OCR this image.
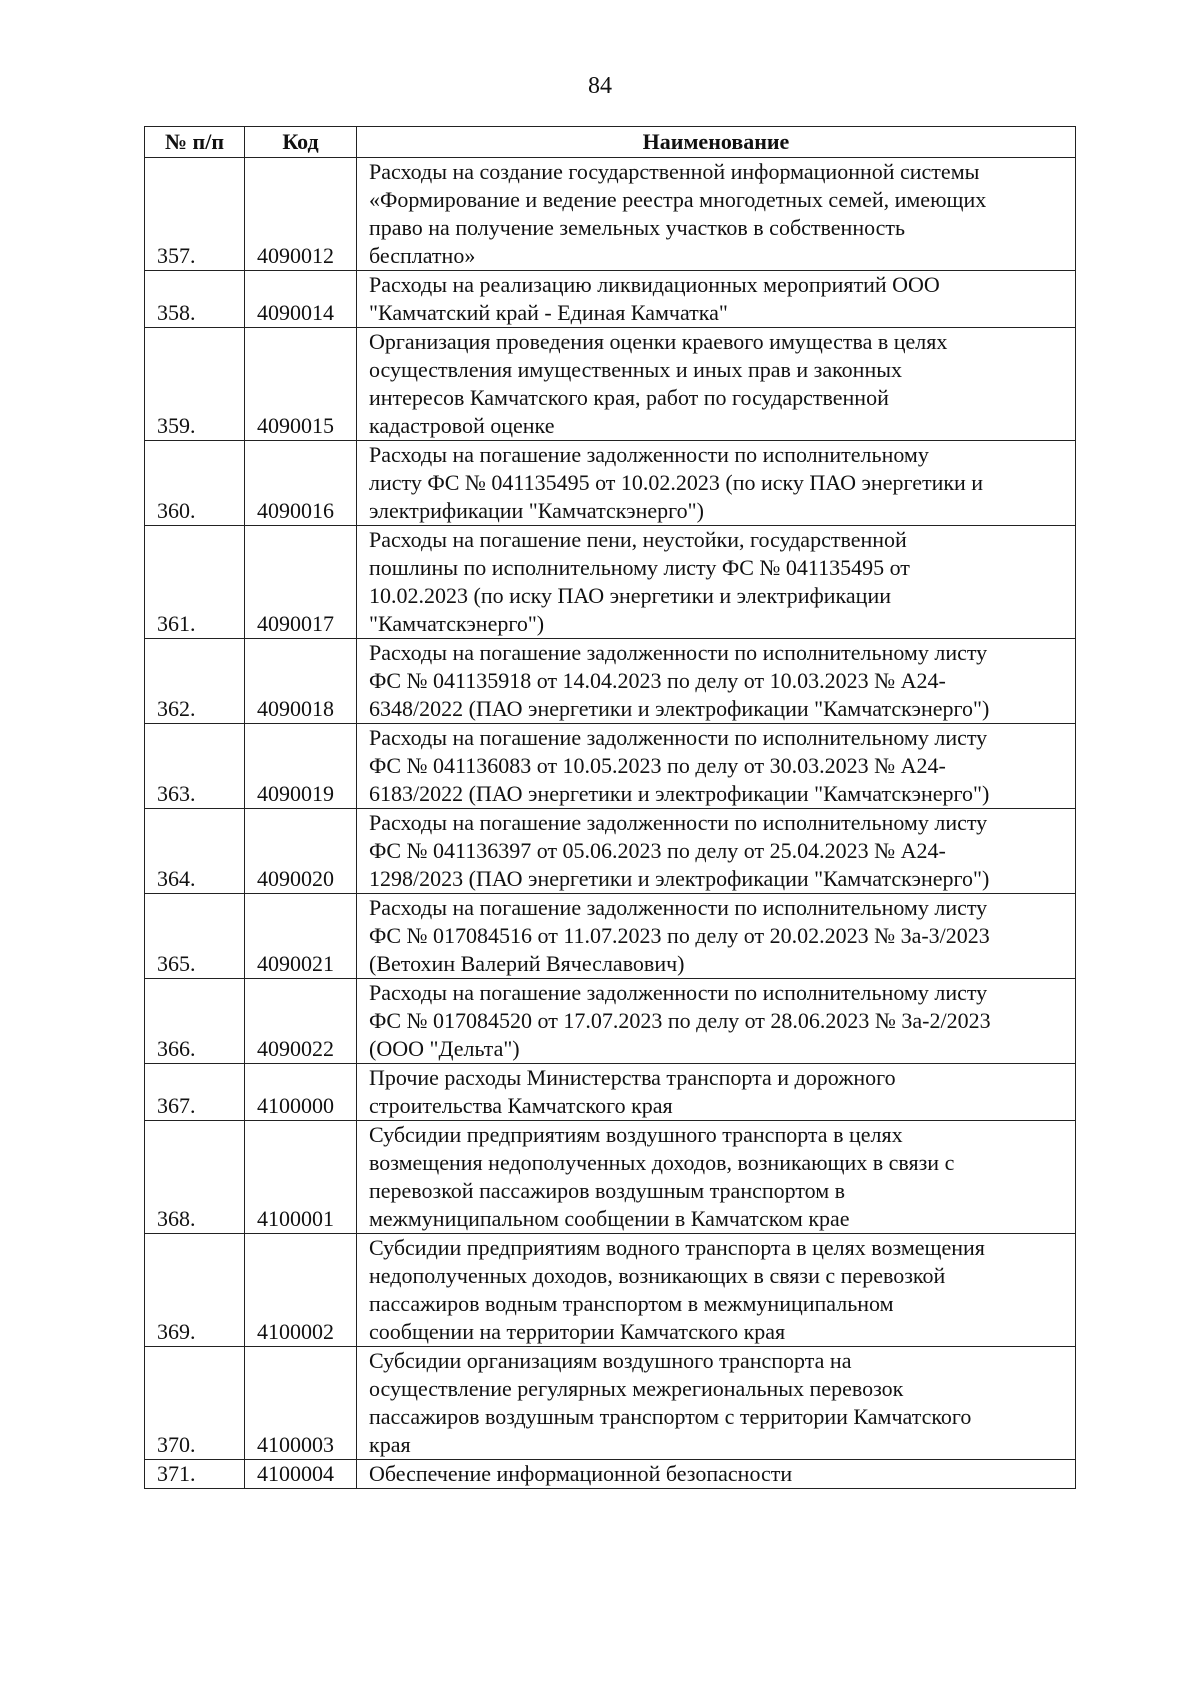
84
№ п/п	Код	Наименование
357.	4090012	Расходы на создание государственной информационной системы
«Формирование и ведение реестра многодетных семей, имеющих
право на получение земельных участков в собственность
бесплатно»
358.	4090014	Расходы на реализацию ликвидационных мероприятий ООО
"Камчатский край - Единая Камчатка"
359.	4090015	Организация проведения оценки краевого имущества в целях
осуществления имущественных и иных прав и законных
интересов Камчатского края, работ по государственной
кадастровой оценке
360.	4090016	Расходы на погашение задолженности по исполнительному
листу ФС № 041135495 от 10.02.2023 (по иску ПАО энергетики и
электрификации "Камчатскэнерго")
361.	4090017	Расходы на погашение пени, неустойки, государственной
пошлины по исполнительному листу ФС № 041135495 от
10.02.2023 (по иску ПАО энергетики и электрификации
"Камчатскэнерго")
362.	4090018	Расходы на погашение задолженности по исполнительному листу
ФС № 041135918 от 14.04.2023 по делу от 10.03.2023 № А24-
6348/2022 (ПАО энергетики и электрофикации "Камчатскэнерго")
363.	4090019	Расходы на погашение задолженности по исполнительному листу
ФС № 041136083 от 10.05.2023 по делу от 30.03.2023 № А24-
6183/2022 (ПАО энергетики и электрофикации "Камчатскэнерго")
364.	4090020	Расходы на погашение задолженности по исполнительному листу
ФС № 041136397 от 05.06.2023 по делу от 25.04.2023 № А24-
1298/2023 (ПАО энергетики и электрофикации "Камчатскэнерго")
365.	4090021	Расходы на погашение задолженности по исполнительному листу
ФС № 017084516 от 11.07.2023 по делу от 20.02.2023 № 3а-3/2023
(Ветохин Валерий Вячеславович)
366.	4090022	Расходы на погашение задолженности по исполнительному листу
ФС № 017084520 от 17.07.2023 по делу от 28.06.2023 № 3а-2/2023
(ООО "Дельта")
367.	4100000	Прочие расходы Министерства транспорта и дорожного
строительства Камчатского края
368.	4100001	Субсидии предприятиям воздушного транспорта в целях
возмещения недополученных доходов, возникающих в связи с
перевозкой пассажиров воздушным транспортом в
межмуниципальном сообщении в Камчатском крае
369.	4100002	Субсидии предприятиям водного транспорта в целях возмещения
недополученных доходов, возникающих в связи с перевозкой
пассажиров водным транспортом в межмуниципальном
сообщении на территории Камчатского края
370.	4100003	Субсидии организациям воздушного транспорта на
осуществление регулярных межрегиональных перевозок
пассажиров воздушным транспортом с территории Камчатского
края
371.	4100004	Обеспечение информационной безопасности
